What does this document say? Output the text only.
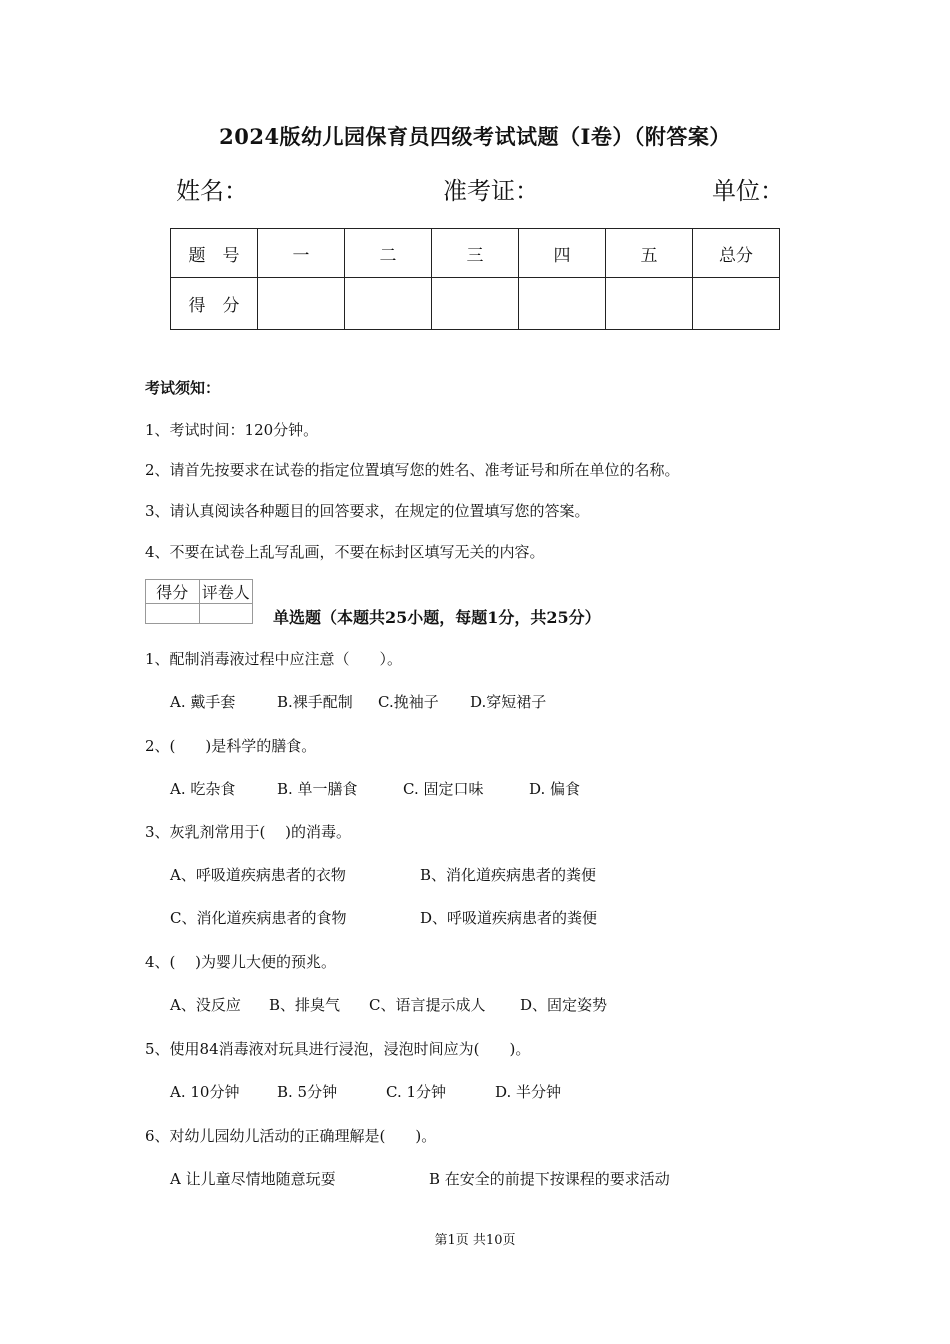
2024版幼儿园保育员四级考试试题（I卷）（附答案）
姓名：	准考证：	单位：
题　号	一	二	三	四	五	总分
得　分						
考试须知：
1、考试时间：120分钟。
2、请首先按要求在试卷的指定位置填写您的姓名、准考证号和所在单位的名称。
3、请认真阅读各种题目的回答要求，在规定的位置填写您的答案。
4、不要在试卷上乱写乱画，不要在标封区填写无关的内容。
得分	评卷人

单选题（本题共25小题，每题1分，共25分）
1、配制消毒液过程中应注意（　　）。
A. 戴手套	B.裸手配制 C.挽袖子 D.穿短裙子
2、(　　)是科学的膳食。
A. 吃杂食	B. 单一膳食	C. 固定口味	D. 偏食
3、灰乳剂常用于(　 )的消毒。
A、呼吸道疾病患者的衣物	B、消化道疾病患者的粪便
C、消化道疾病患者的食物	D、呼吸道疾病患者的粪便
4、(　 )为婴儿大便的预兆。
A、没反应 B、排臭气 C、语言提示成人 D、固定姿势
5、使用84消毒液对玩具进行浸泡，浸泡时间应为(　　)。
A. 10分钟	B. 5分钟	C. 1分钟	D. 半分钟
6、对幼儿园幼儿活动的正确理解是(　　)。
A 让儿童尽情地随意玩耍	B 在安全的前提下按课程的要求活动
第1页 共10页
